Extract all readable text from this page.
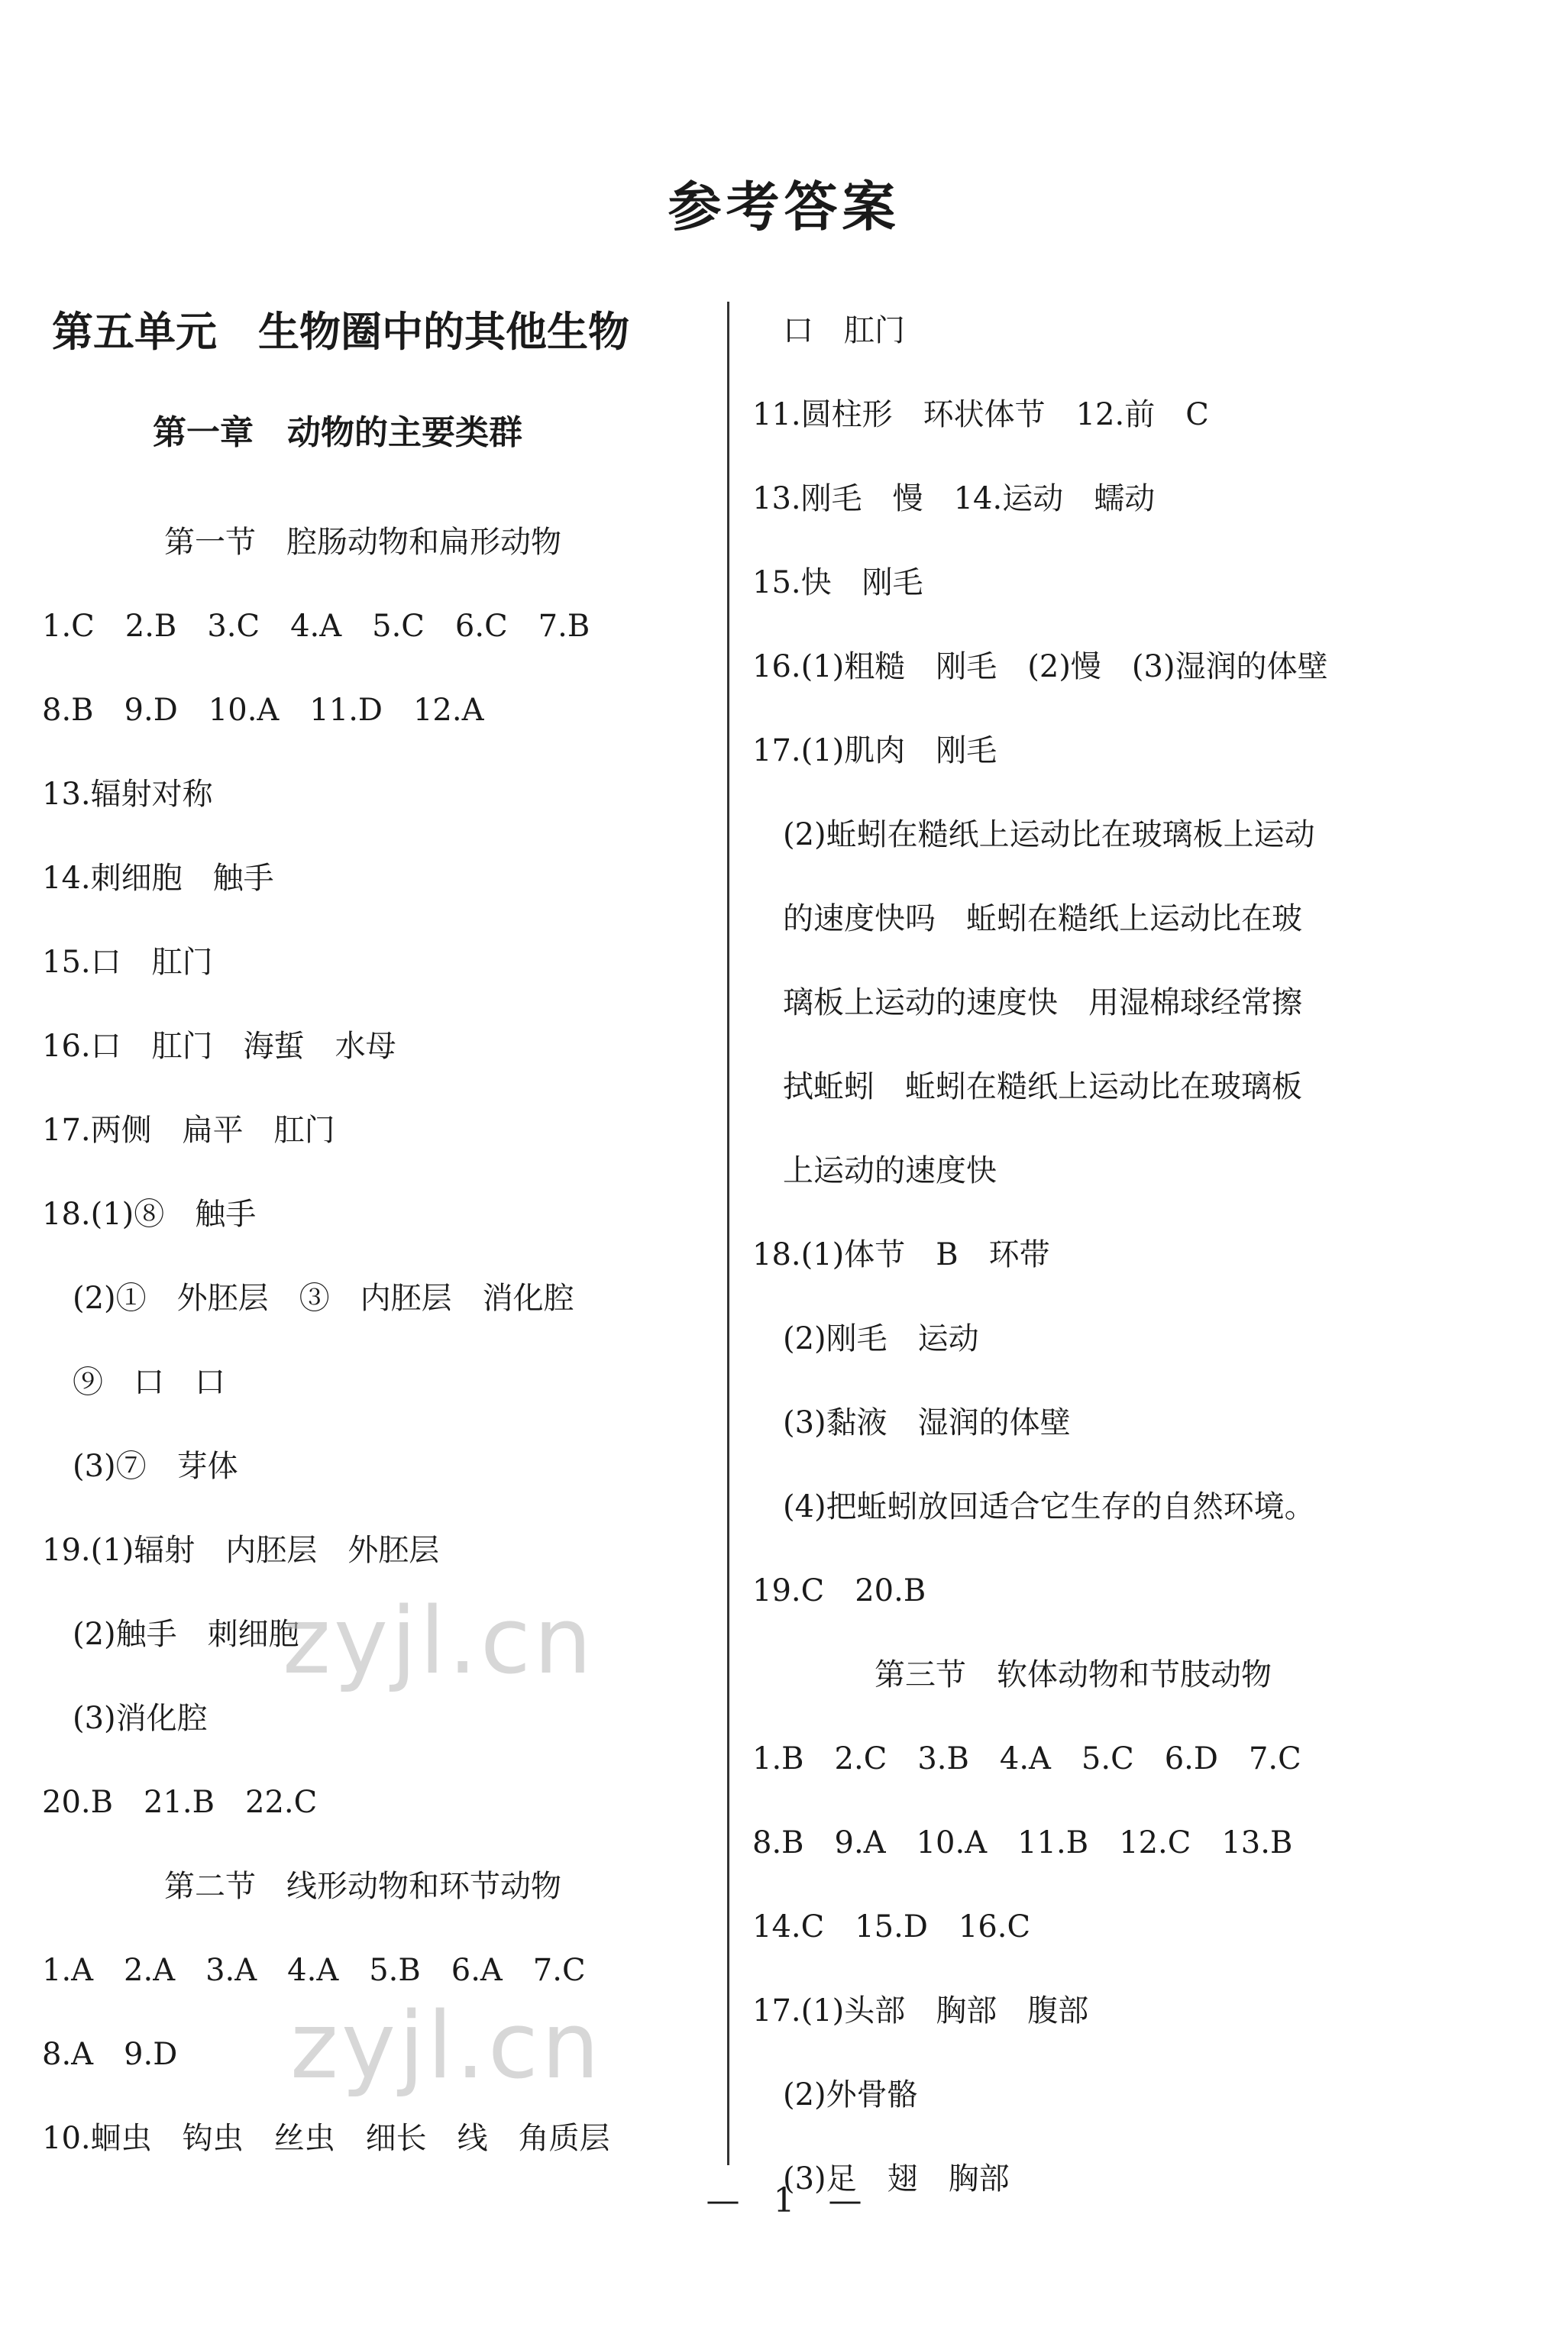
参考答案
第五单元　生物圈中的其他生物
第一章　动物的主要类群
　　　　第一节　腔肠动物和扁形动物
1.C　2.B　3.C　4.A　5.C　6.C　7.B
8.B　9.D　10.A　11.D　12.A
13.辐射对称
14.刺细胞　触手
15.口　肛门
16.口　肛门　海蜇　水母
17.两侧　扁平　肛门
18.(1)⑧　触手
　(2)①　外胚层　③　内胚层　消化腔
　⑨　口　口
　(3)⑦　芽体
19.(1)辐射　内胚层　外胚层
　(2)触手　刺细胞
　(3)消化腔
20.B　21.B　22.C
　　　　第二节　线形动物和环节动物
1.A　2.A　3.A　4.A　5.B　6.A　7.C
8.A　9.D
10.蛔虫　钩虫　丝虫　细长　线　角质层
　口　肛门
11.圆柱形　环状体节　12.前　C
13.刚毛　慢　14.运动　蠕动
15.快　刚毛
16.(1)粗糙　刚毛　(2)慢　(3)湿润的体壁
17.(1)肌肉　刚毛
　(2)蚯蚓在糙纸上运动比在玻璃板上运动
　的速度快吗　蚯蚓在糙纸上运动比在玻
　璃板上运动的速度快　用湿棉球经常擦
　拭蚯蚓　蚯蚓在糙纸上运动比在玻璃板
　上运动的速度快
18.(1)体节　B　环带
　(2)刚毛　运动
　(3)黏液　湿润的体壁
　(4)把蚯蚓放回适合它生存的自然环境。
19.C　20.B
　　　　第三节　软体动物和节肢动物
1.B　2.C　3.B　4.A　5.C　6.D　7.C
8.B　9.A　10.A　11.B　12.C　13.B
14.C　15.D　16.C
17.(1)头部　胸部　腹部
　(2)外骨骼
　(3)足　翅　胸部
zyjl.cn
zyjl.cn
—　1　—
